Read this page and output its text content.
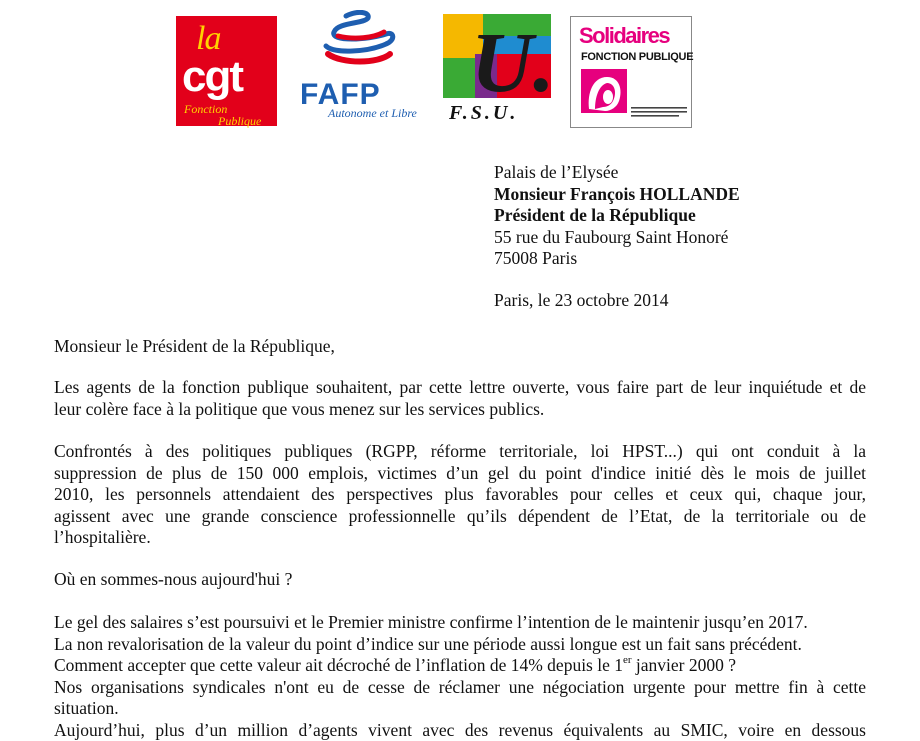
la
cgt
Fonction
Publique
FAFP
Autonome et Libre
U.
F.S.U.
Solidaires
FONCTION PUBLIQUE
Palais de l’Elysée
Monsieur François HOLLANDE
Président de la République
55 rue du Faubourg Saint Honoré
75008 Paris
Paris, le 23 octobre 2014
Monsieur le Président de la République,
Les agents de la fonction publique souhaitent, par cette lettre ouverte, vous faire part de leur inquiétude et de
leur colère face à la politique que vous menez sur les services publics.
Confrontés à des politiques publiques (RGPP, réforme territoriale, loi HPST...) qui ont conduit à la
suppression de plus de 150 000 emplois, victimes d’un gel du point d'indice initié dès le mois de juillet
2010, les personnels attendaient des perspectives plus favorables pour celles et ceux qui, chaque jour,
agissent avec une grande conscience professionnelle qu’ils dépendent de l’Etat, de la territoriale ou de
l’hospitalière.
Où en sommes-nous aujourd'hui ?
Le gel des salaires s’est poursuivi et le Premier ministre confirme l’intention de le maintenir jusqu’en 2017.
La non revalorisation de la valeur du point d’indice sur une période aussi longue est un fait sans précédent.
Comment accepter que cette valeur ait décroché de l’inflation de 14% depuis le 1er janvier 2000 ?
Nos organisations syndicales n'ont eu de cesse de réclamer une négociation urgente pour mettre fin à cette
situation.
Aujourd’hui, plus d’un million d’agents vivent avec des revenus équivalents au SMIC, voire en dessous
